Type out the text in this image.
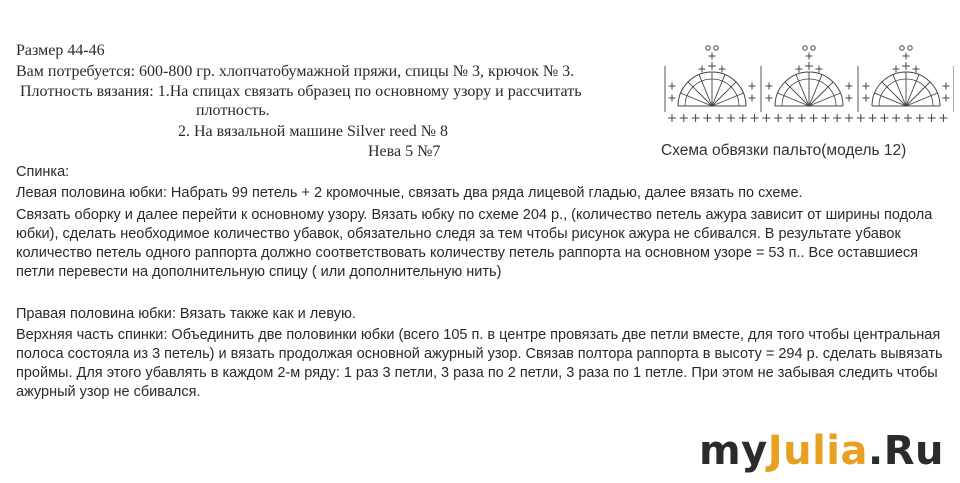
Размер 44-46
Вам потребуется: 600-800 гр. хлопчатобумажной пряжи, спицы № 3, крючок № 3.
Плотность вязания: 1.На спицах связать образец по основному узору и рассчитать
плотность.
2. На вязальной машине Silver reed № 8
Нева 5 №7	Схема обвязки пальто(модель 12)
Спинка:
Левая половина юбки: Набрать 99 петель + 2 кромочные, связать два ряда лицевой гладью, далее вязать по схеме.
Связать оборку и далее перейти к основному узору. Вязать юбку по схеме 204 р., (количество петель ажура зависит от ширины подола юбки), сделать необходимое количество убавок, обязательно следя за тем чтобы рисунок ажура не сбивался. В результате убавок количество петель одного раппорта должно соответствовать количеству петель раппорта на основном узоре = 53 п.. Все оставшиеся петли перевести на дополнительную спицу ( или дополнительную нить)
Правая половина юбки: Вязать также как и левую.
Верхняя часть спинки: Объединить две половинки юбки (всего 105 п. в центре провязать две петли вместе, для того чтобы центральная полоса состояла из 3 петель) и вязать продолжая основной ажурный узор. Связав полтора раппорта в высоту = 294 р. сделать вывязать проймы. Для этого убавлять в каждом 2-м ряду: 1 раз 3 петли, 3 раза по 2 петли, 3 раза по 1 петле. При этом не забывая следить чтобы ажурный узор не сбивался.
myJulia.Ru
